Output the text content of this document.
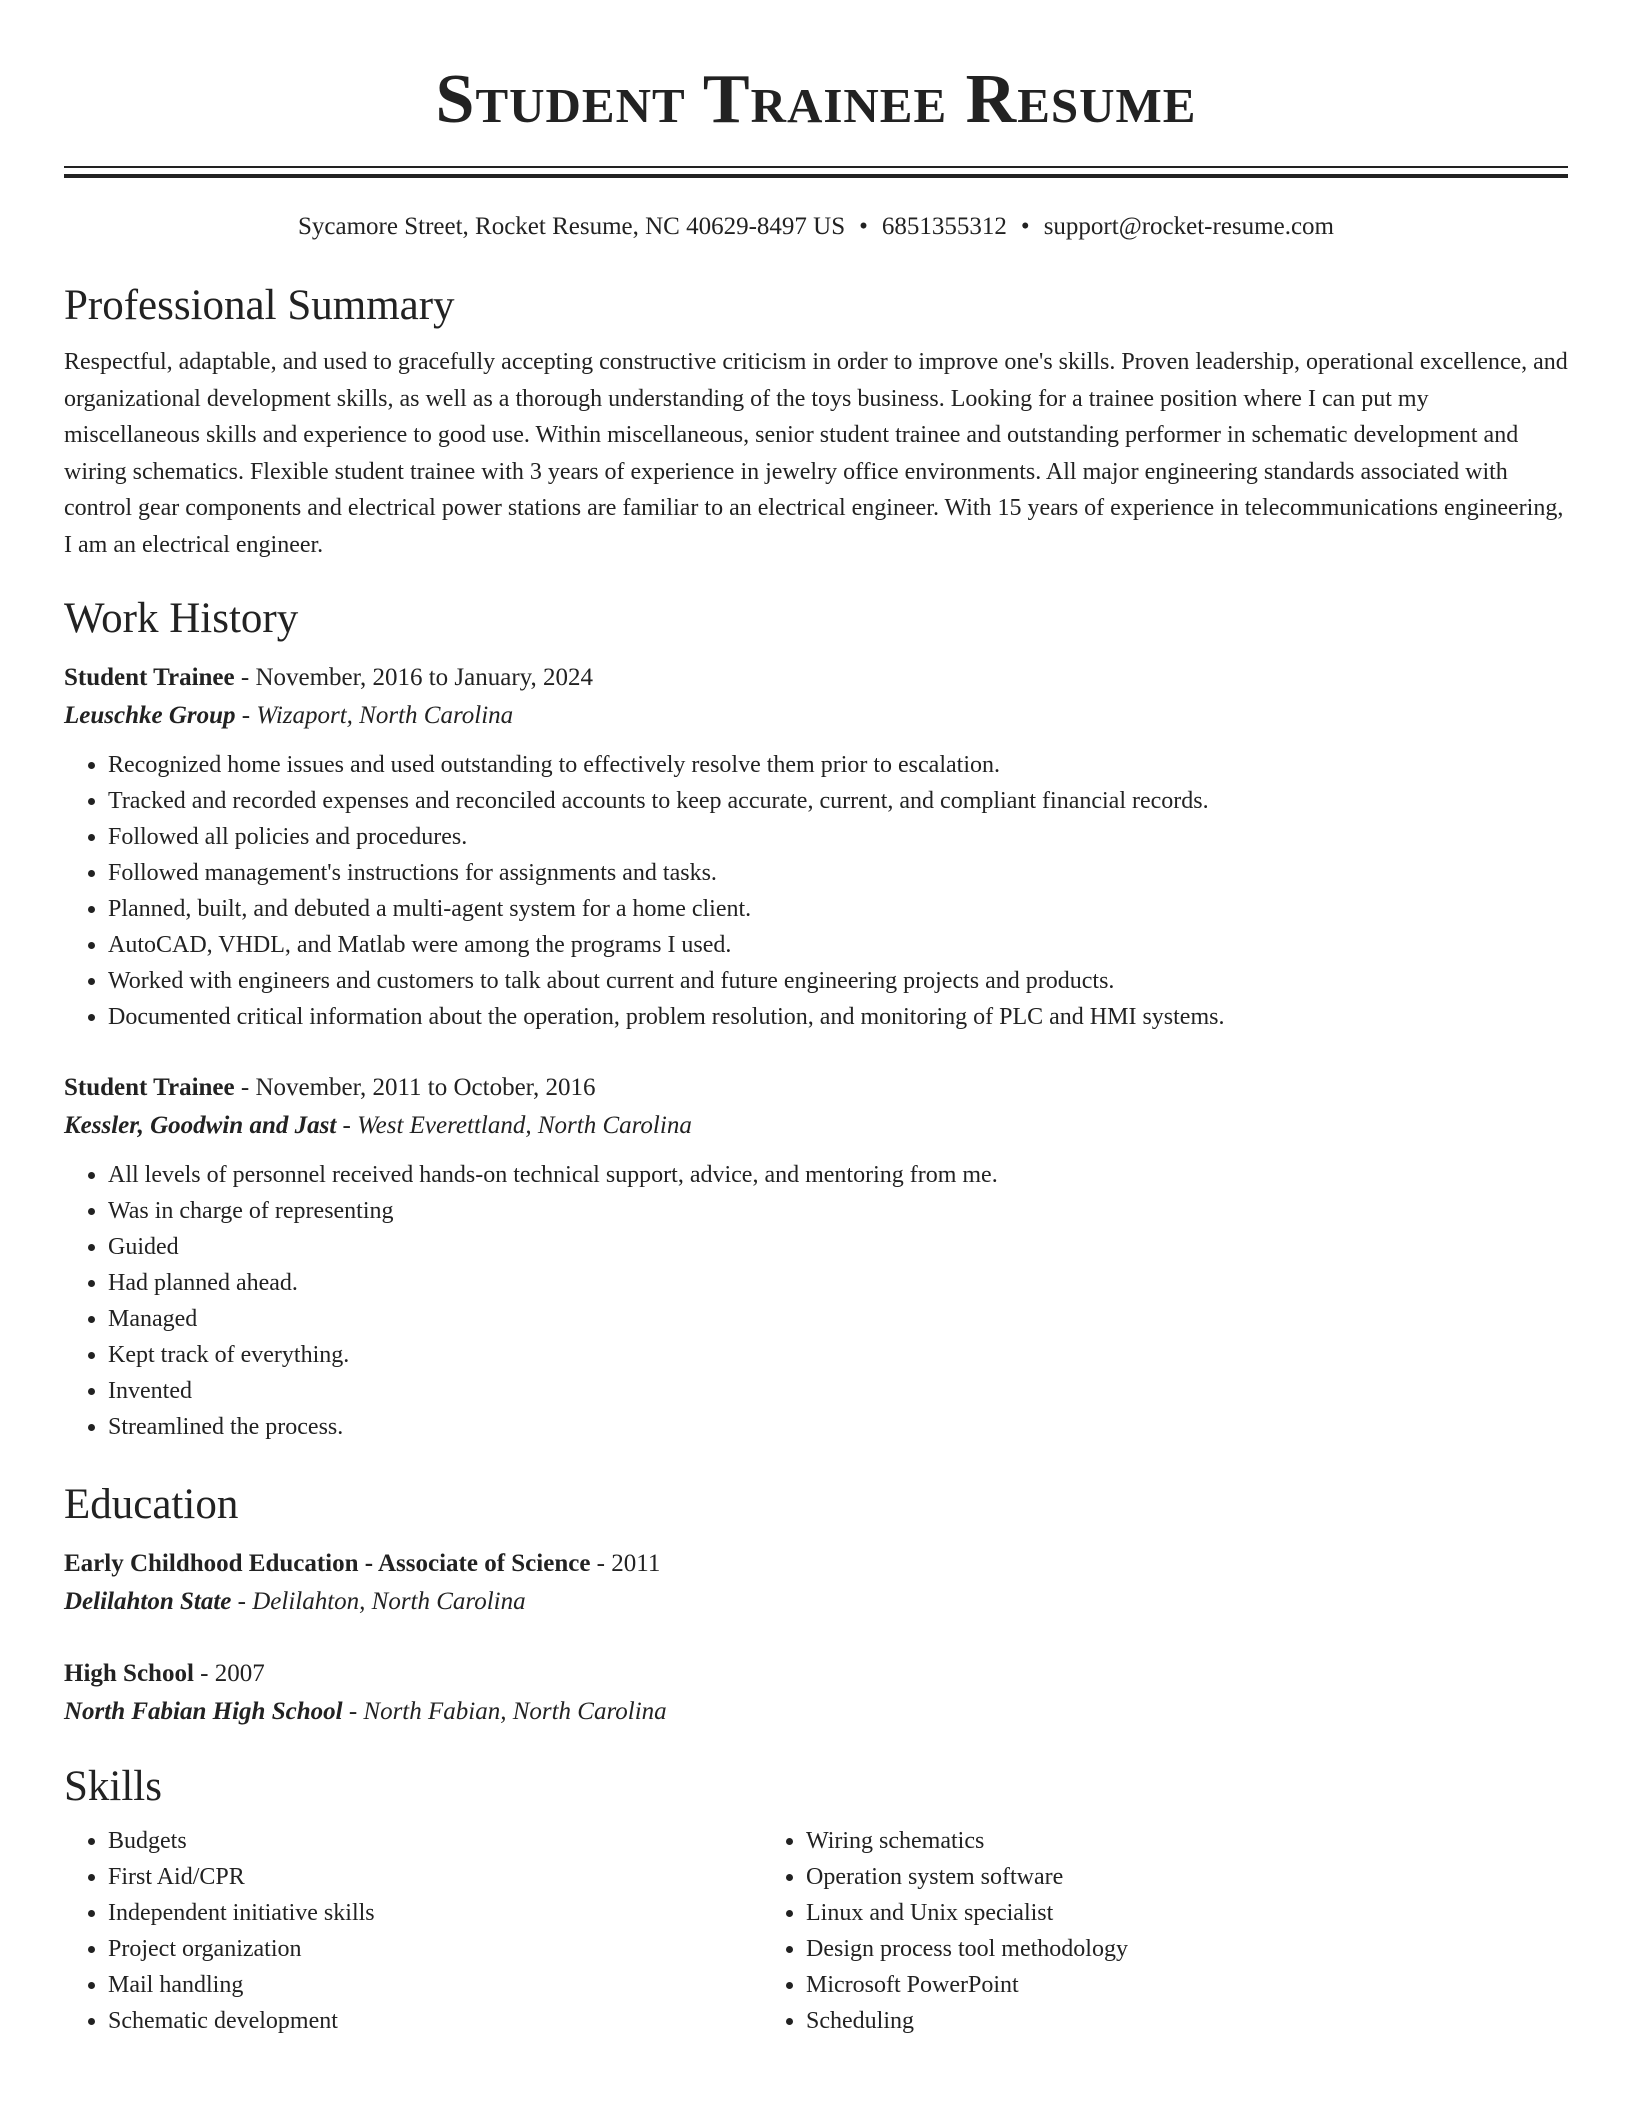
Student Trainee Resume
Sycamore Street, Rocket Resume, NC 40629-8497 US • 6851355312 • support@rocket-resume.com
Professional Summary

Respectful, adaptable, and used to gracefully accepting constructive criticism in order to improve one's skills. Proven leadership, operational excellence, and organizational development skills, as well as a thorough understanding of the toys business. Looking for a trainee position where I can put my miscellaneous skills and experience to good use. Within miscellaneous, senior student trainee and outstanding performer in schematic development and wiring schematics. Flexible student trainee with 3 years of experience in jewelry office environments. All major engineering standards associated with control gear components and electrical power stations are familiar to an electrical engineer. With 15 years of experience in telecommunications engineering, I am an electrical engineer.

Work History
Student Trainee - November, 2016 to January, 2024
Leuschke Group - Wizaport, North Carolina
• Recognized home issues and used outstanding to effectively resolve them prior to escalation.
• Tracked and recorded expenses and reconciled accounts to keep accurate, current, and compliant financial records.
• Followed all policies and procedures.
• Followed management's instructions for assignments and tasks.
• Planned, built, and debuted a multi-agent system for a home client.
• AutoCAD, VHDL, and Matlab were among the programs I used.
• Worked with engineers and customers to talk about current and future engineering projects and products.
• Documented critical information about the operation, problem resolution, and monitoring of PLC and HMI systems.
Student Trainee - November, 2011 to October, 2016
Kessler, Goodwin and Jast - West Everettland, North Carolina
• All levels of personnel received hands-on technical support, advice, and mentoring from me.
• Was in charge of representing
• Guided
• Had planned ahead.
• Managed
• Kept track of everything.
• Invented
• Streamlined the process.
Education
Early Childhood Education - Associate of Science - 2011
Delilahton State - Delilahton, North Carolina
High School - 2007
North Fabian High School - North Fabian, North Carolina
Skills
• Budgets
• First Aid/CPR
• Independent initiative skills
• Project organization
• Mail handling
• Schematic development
• Wiring schematics
• Operation system software
• Linux and Unix specialist
• Design process tool methodology
• Microsoft PowerPoint
• Scheduling
